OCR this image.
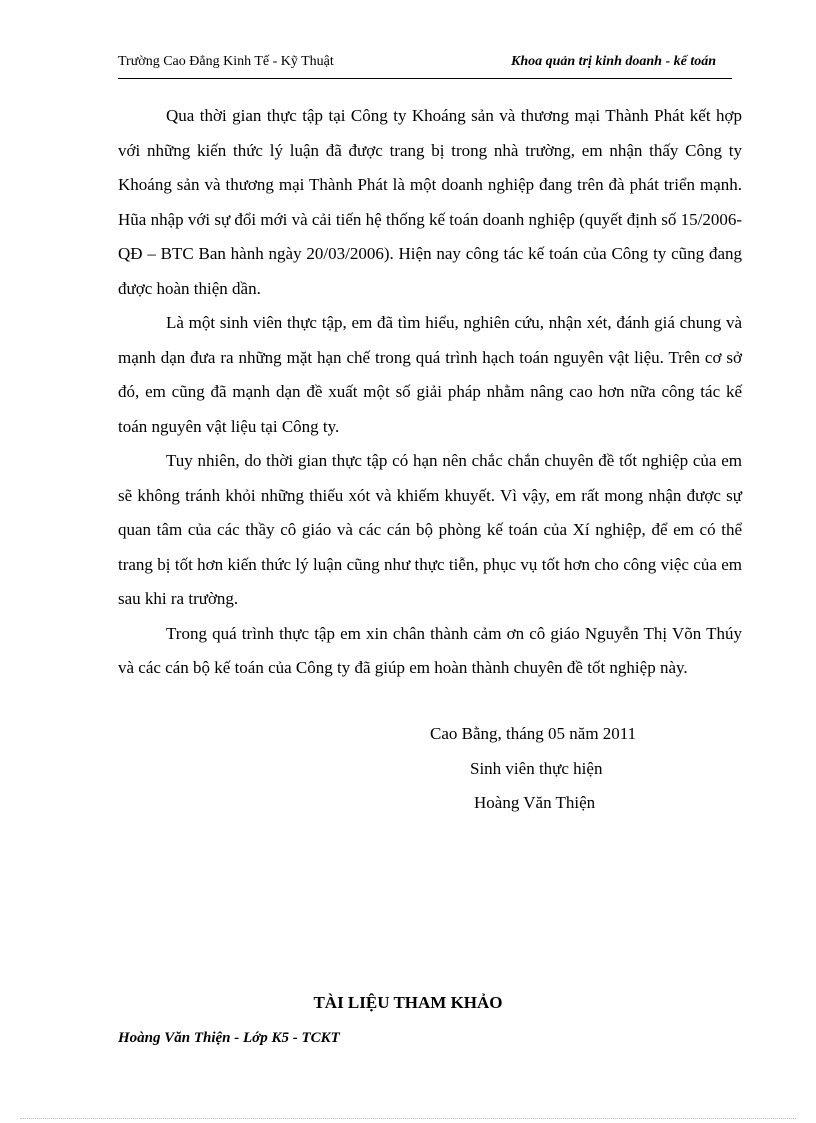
Trường Cao Đẳng Kinh Tế - Kỹ Thuật	Khoa quản trị kinh doanh - kế toán

Qua thời gian thực tập tại Công ty Khoáng sản và thương mại Thành Phát kết hợp với những kiến thức lý luận đã được trang bị trong nhà trường, em nhận thấy Công ty Khoáng sản và thương mại Thành Phát là một doanh nghiệp đang trên đà phát triển mạnh. Hũa nhập với sự đổi mới và cải tiến hệ thống kế toán doanh nghiệp (quyết định số 15/2006-QĐ – BTC Ban hành ngày 20/03/2006). Hiện nay công tác kế toán của Công ty cũng đang được hoàn thiện dần.

Là một sinh viên thực tập, em đã tìm hiểu, nghiên cứu, nhận xét, đánh giá chung và mạnh dạn đưa ra những mặt hạn chế trong quá trình hạch toán nguyên vật liệu. Trên cơ sở đó, em cũng đã mạnh dạn đề xuất một số giải pháp nhằm nâng cao hơn nữa công tác kế toán nguyên vật liệu tại Công ty.

Tuy nhiên, do thời gian thực tập có hạn nên chắc chắn chuyên đề tốt nghiệp của em sẽ không tránh khỏi những thiếu xót và khiếm khuyết. Vì vậy, em rất mong nhận được sự quan tâm của các thầy cô giáo và các cán bộ phòng kế toán của Xí nghiệp, để em có thể trang bị tốt hơn kiến thức lý luận cũng như thực tiễn, phục vụ tốt hơn cho công việc của em sau khi ra trường.

Trong quá trình thực tập em xin chân thành cảm ơn cô giáo Nguyễn Thị Võn Thúy và các cán bộ kế toán của Công ty đã giúp em hoàn thành chuyên đề tốt nghiệp này.

Cao Bằng, tháng 05 năm 2011
Sinh viên thực hiện
Hoàng Văn Thiện
TÀI LIỆU THAM KHẢO
Hoàng Văn Thiện - Lớp K5 - TCKT
